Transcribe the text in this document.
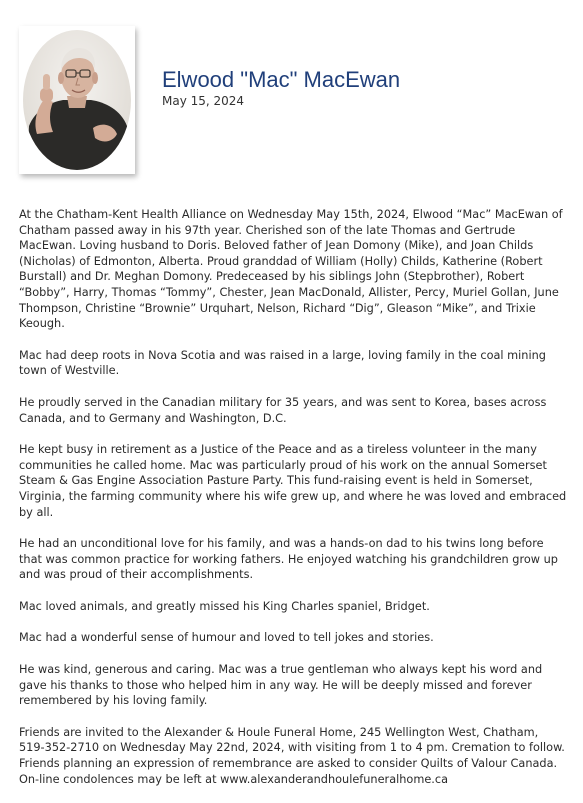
Elwood "Mac" MacEwan
May 15, 2024

At the Chatham-Kent Health Alliance on Wednesday May 15th, 2024, Elwood “Mac” MacEwan of Chatham passed away in his 97th year. Cherished son of the late Thomas and Gertrude MacEwan. Loving husband to Doris. Beloved father of Jean Domony (Mike), and Joan Childs (Nicholas) of Edmonton, Alberta. Proud granddad of William (Holly) Childs, Katherine (Robert Burstall) and Dr. Meghan Domony. Predeceased by his siblings John (Stepbrother), Robert “Bobby”, Harry, Thomas “Tommy”, Chester, Jean MacDonald, Allister, Percy, Muriel Gollan, June Thompson, Christine “Brownie” Urquhart, Nelson, Richard “Dig”, Gleason “Mike”, and Trixie Keough.

Mac had deep roots in Nova Scotia and was raised in a large, loving family in the coal mining town of Westville.

He proudly served in the Canadian military for 35 years, and was sent to Korea, bases across Canada, and to Germany and Washington, D.C.

He kept busy in retirement as a Justice of the Peace and as a tireless volunteer in the many communities he called home. Mac was particularly proud of his work on the annual Somerset Steam & Gas Engine Association Pasture Party. This fund-raising event is held in Somerset, Virginia, the farming community where his wife grew up, and where he was loved and embraced by all.

He had an unconditional love for his family, and was a hands-on dad to his twins long before that was common practice for working fathers. He enjoyed watching his grandchildren grow up and was proud of their accomplishments.

Mac loved animals, and greatly missed his King Charles spaniel, Bridget.

Mac had a wonderful sense of humour and loved to tell jokes and stories.

He was kind, generous and caring. Mac was a true gentleman who always kept his word and gave his thanks to those who helped him in any way. He will be deeply missed and forever remembered by his loving family.

Friends are invited to the Alexander & Houle Funeral Home, 245 Wellington West, Chatham, 519-352-2710 on Wednesday May 22nd, 2024, with visiting from 1 to 4 pm. Cremation to follow. Friends planning an expression of remembrance are asked to consider Quilts of Valour Canada. On-line condolences may be left at www.alexanderandhoulefuneralhome.ca
